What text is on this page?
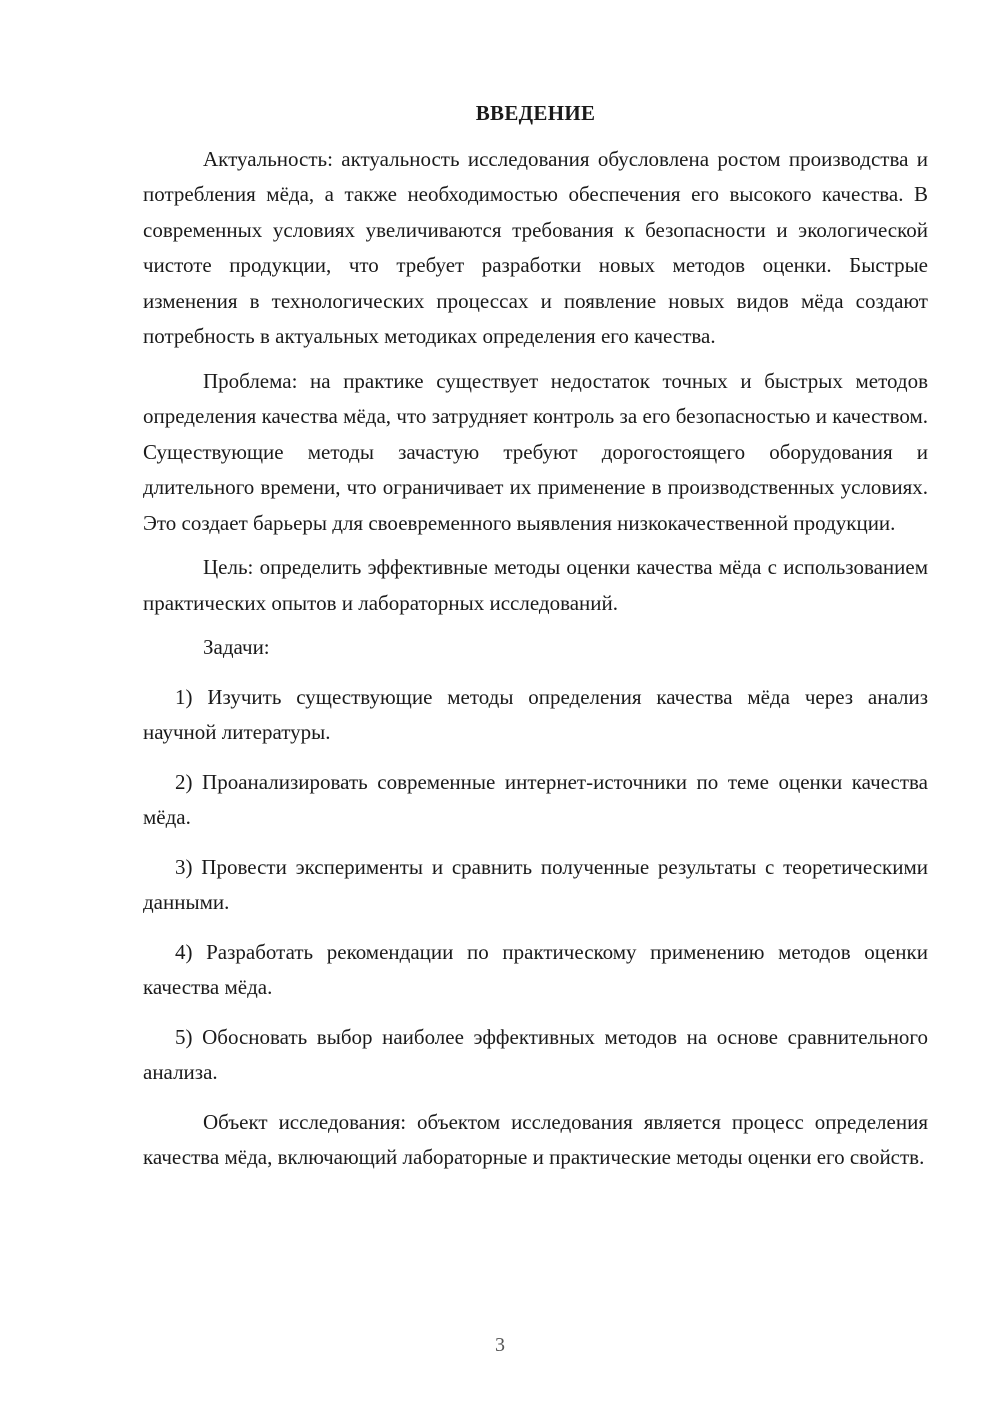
ВВЕДЕНИЕ

Актуальность: актуальность исследования обусловлена ростом производства и потребления мёда, а также необходимостью обеспечения его высокого качества. В современных условиях увеличиваются требования к безопасности и экологической чистоте продукции, что требует разработки новых методов оценки. Быстрые изменения в технологических процессах и появление новых видов мёда создают потребность в актуальных методиках определения его качества.

Проблема: на практике существует недостаток точных и быстрых методов определения качества мёда, что затрудняет контроль за его безопасностью и качеством. Существующие методы зачастую требуют дорогостоящего оборудования и длительного времени, что ограничивает их применение в производственных условиях. Это создает барьеры для своевременного выявления низкокачественной продукции.

Цель: определить эффективные методы оценки качества мёда с использованием практических опытов и лабораторных исследований.

Задачи:

1) Изучить существующие методы определения качества мёда через анализ научной литературы.

2) Проанализировать современные интернет-источники по теме оценки качества мёда.

3) Провести эксперименты и сравнить полученные результаты с теоретическими данными.

4) Разработать рекомендации по практическому применению методов оценки качества мёда.

5) Обосновать выбор наиболее эффективных методов на основе сравнительного анализа.

Объект исследования: объектом исследования является процесс определения качества мёда, включающий лабораторные и практические методы оценки его свойств.

3
